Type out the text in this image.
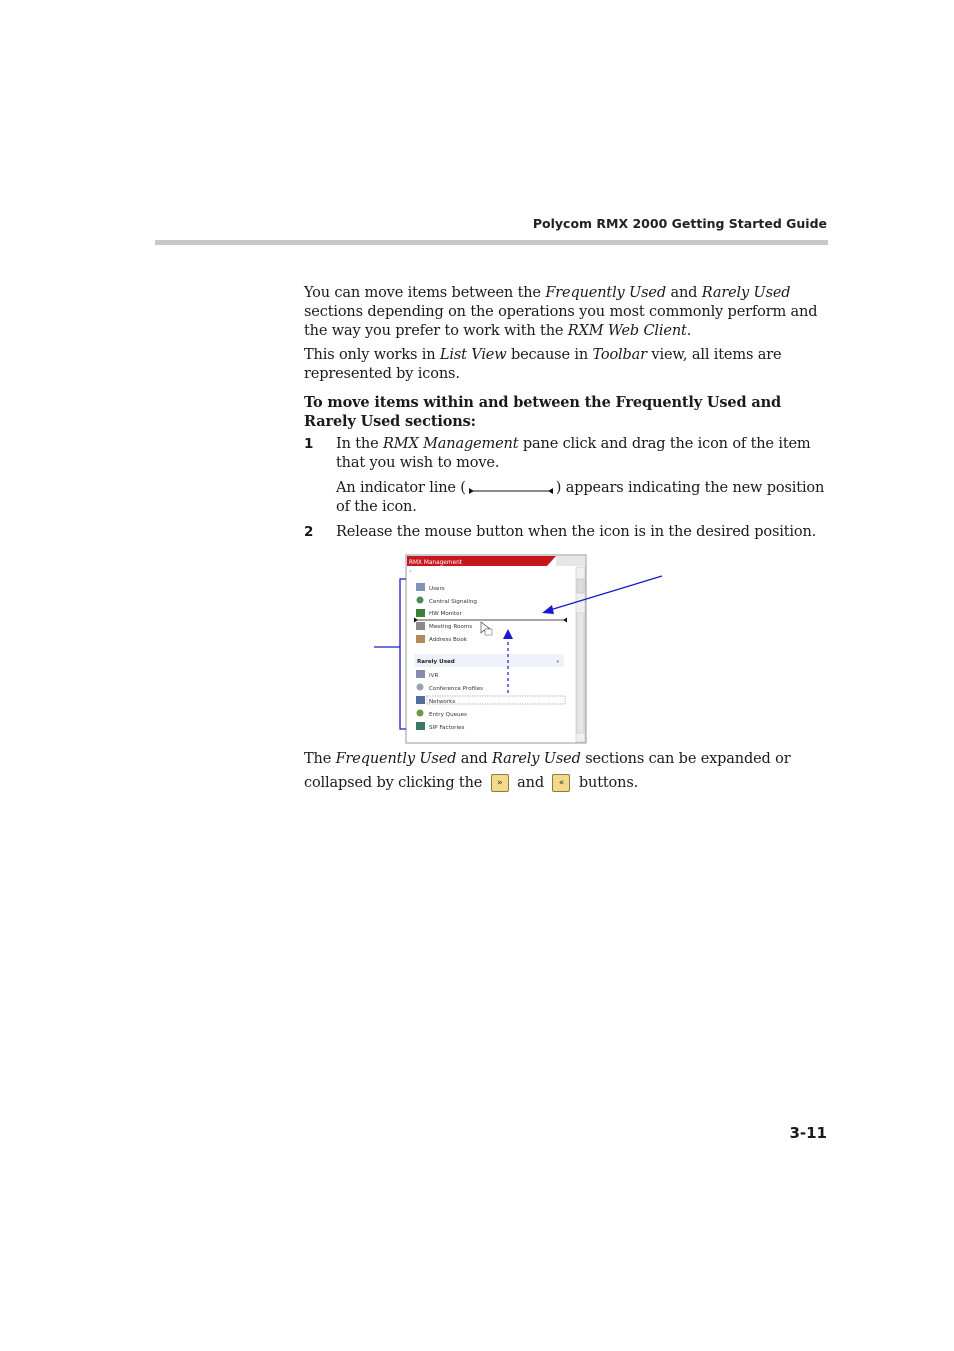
Polycom RMX 2000 Getting Started Guide
You can move items between the Frequently Used and Rarely Used sections depending on the operations you most commonly perform and the way you prefer to work with the RXM Web Client.
This only works in List View because in Toolbar view, all items are represented by icons.
To move items within and between the Frequently Used and Rarely Used sections:
1 In the RMX Management pane click and drag the icon of the item that you wish to move.
An indicator line (	) appears indicating the new position of the icon.
2 Release the mouse button when the icon is in the desired position.
RMX Management
ˇ
Users
Central Signaling
HW Monitor
Meeting Rooms
Address Book
Rarely Used	«
IVR
Conference Profiles
Networks
Entry Queues
SIP Factories
The Frequently Used and Rarely Used sections can be expanded or collapsed by clicking the » and « buttons.
3-11
